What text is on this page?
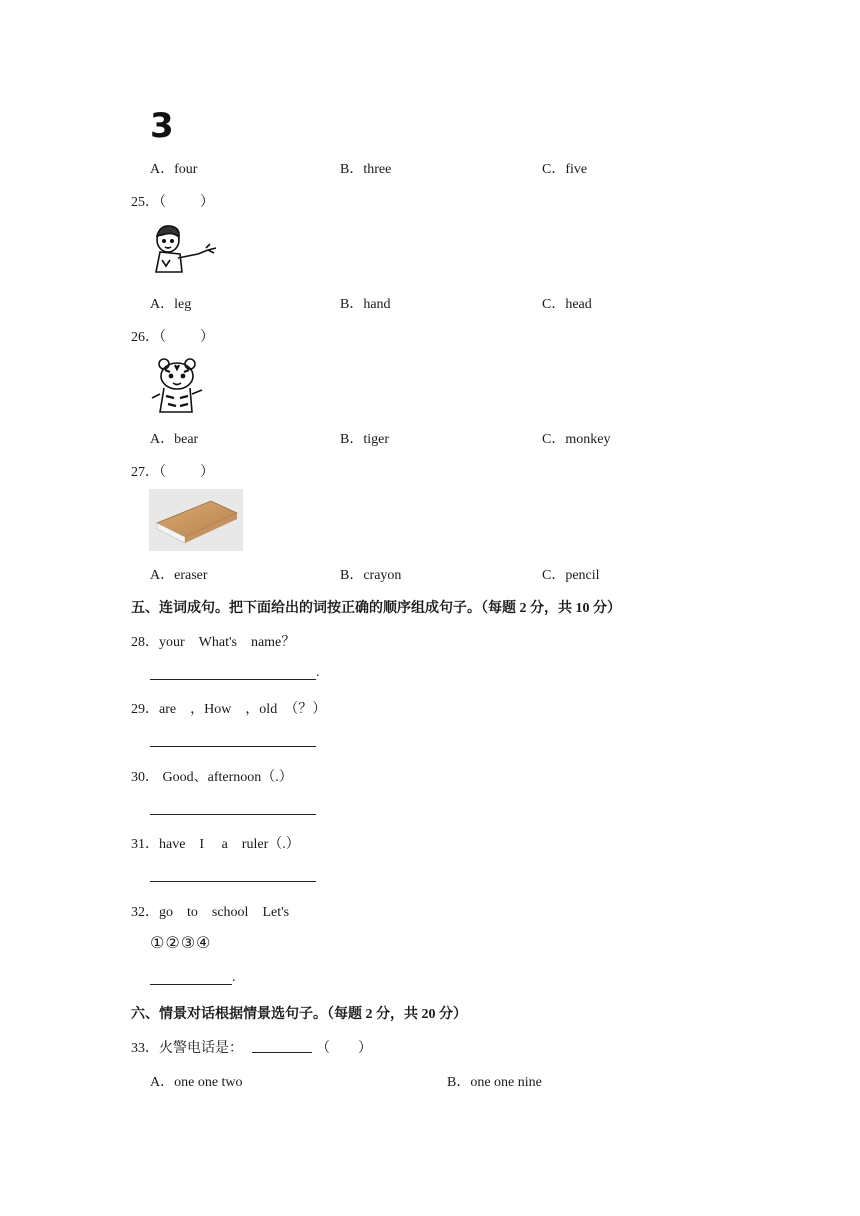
3
A．four	B．three	C．five
25．（ ）
A．leg	B．hand	C．head
26．（ ）
A．bear	B．tiger	C．monkey
27．（ ）
A．eraser	B．crayon	C．pencil
五、连词成句。把下面给出的词按正确的顺序组成句子。（每题 2 分，共 10 分）
28．your　What's　name？
.
29．are　，How　，old　（？）
30． Good、afternoon（.）
31．have　I　 a　ruler（.）
32．go　to　school　Let's
①②③④
.
六、情景对话根据情景选句子。（每题 2 分，共 20 分）
33．火警电话是：	（　　）
A．one one two	B．one one nine
